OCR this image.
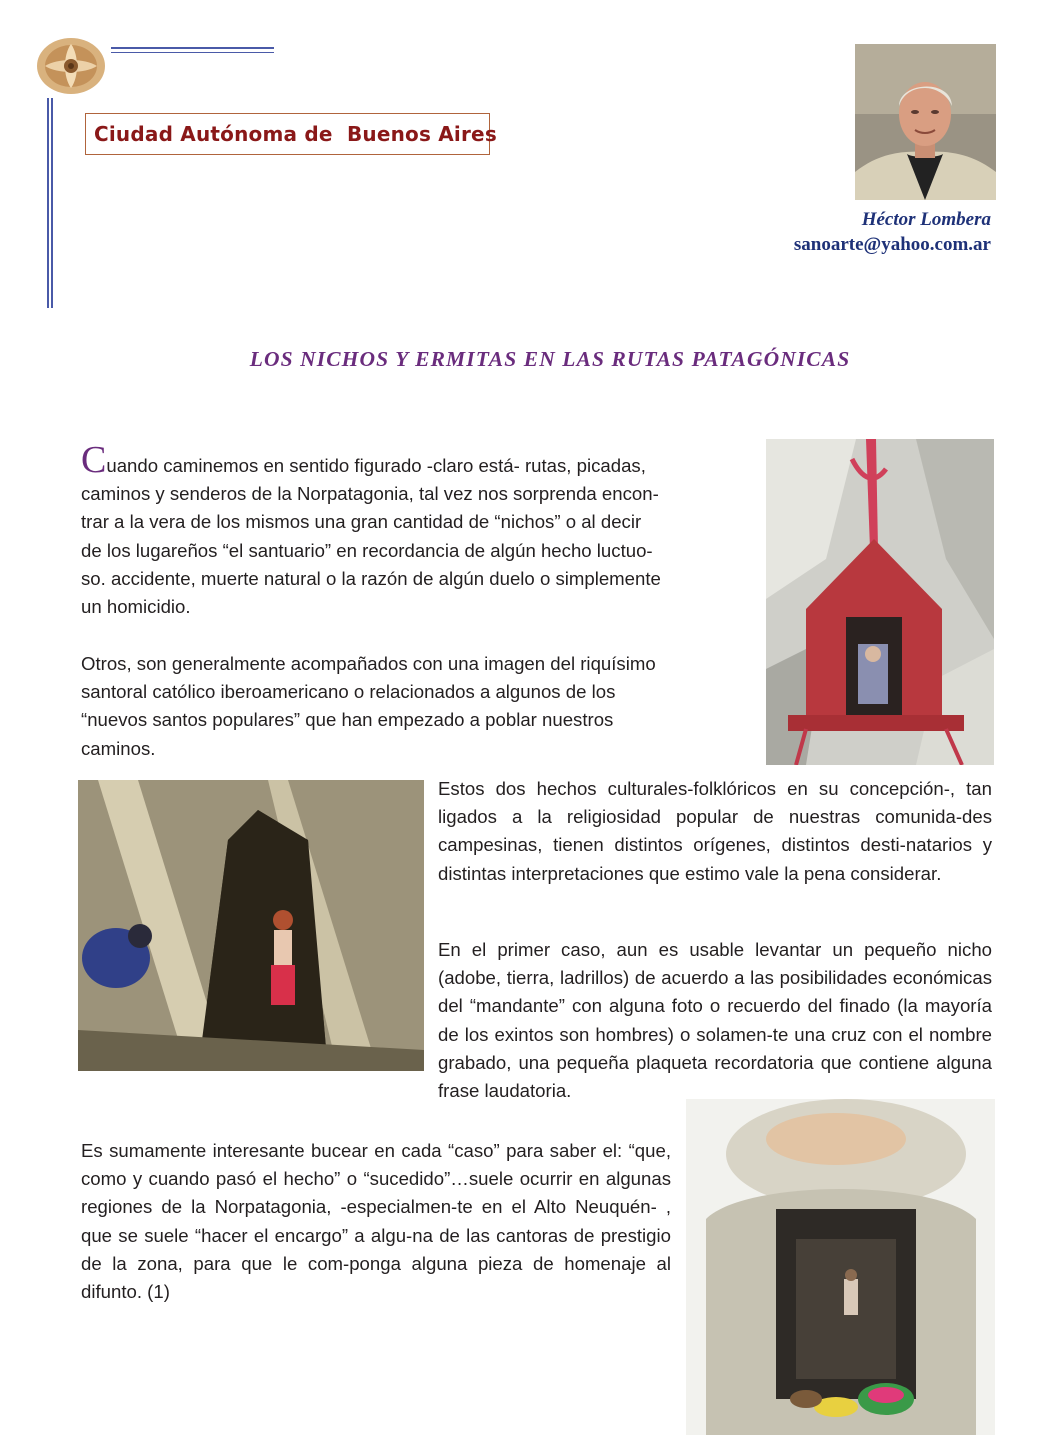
Ciudad Autónoma de  Buenos Aires
Héctor Lombera
sanoarte@yahoo.com.ar
LOS NICHOS Y ERMITAS EN LAS RUTAS PATAGÓNICAS
Cuando caminemos en sentido figurado -claro está- rutas, picadas,
caminos y senderos de la Norpatagonia, tal vez nos sorprenda encon-
trar a la vera de los mismos una gran cantidad de “nichos” o al decir
de los lugareños “el santuario” en recordancia de algún hecho luctuo-
so. accidente, muerte natural o la razón de algún duelo o simplemente
un homicidio.
Otros, son generalmente acompañados con una imagen del riquísimo
santoral católico iberoamericano o relacionados a algunos de los
“nuevos santos populares” que han empezado a poblar nuestros
caminos.
Estos dos hechos culturales-folklóricos en su concepción-, tan ligados a la religiosidad popular de nuestras comunida-des campesinas, tienen distintos orígenes, distintos desti-natarios y distintas interpretaciones que estimo vale la pena considerar.
En el primer caso, aun es usable levantar un pequeño nicho (adobe, tierra, ladrillos) de acuerdo a las posibilidades económicas del “mandante” con alguna foto o recuerdo del finado (la mayoría de los exintos son hombres) o solamen-te una cruz con el nombre grabado, una pequeña plaqueta recordatoria que contiene alguna frase laudatoria.
Es sumamente interesante bucear en cada “caso” para saber el: “que, como y cuando pasó el hecho” o “sucedido”…suele ocurrir en algunas regiones de la Norpatagonia, -especialmen-te en el Alto Neuquén- , que se suele “hacer el encargo” a algu-na de las cantoras de prestigio de la zona, para que le com-ponga alguna pieza de homenaje al difunto. (1)
